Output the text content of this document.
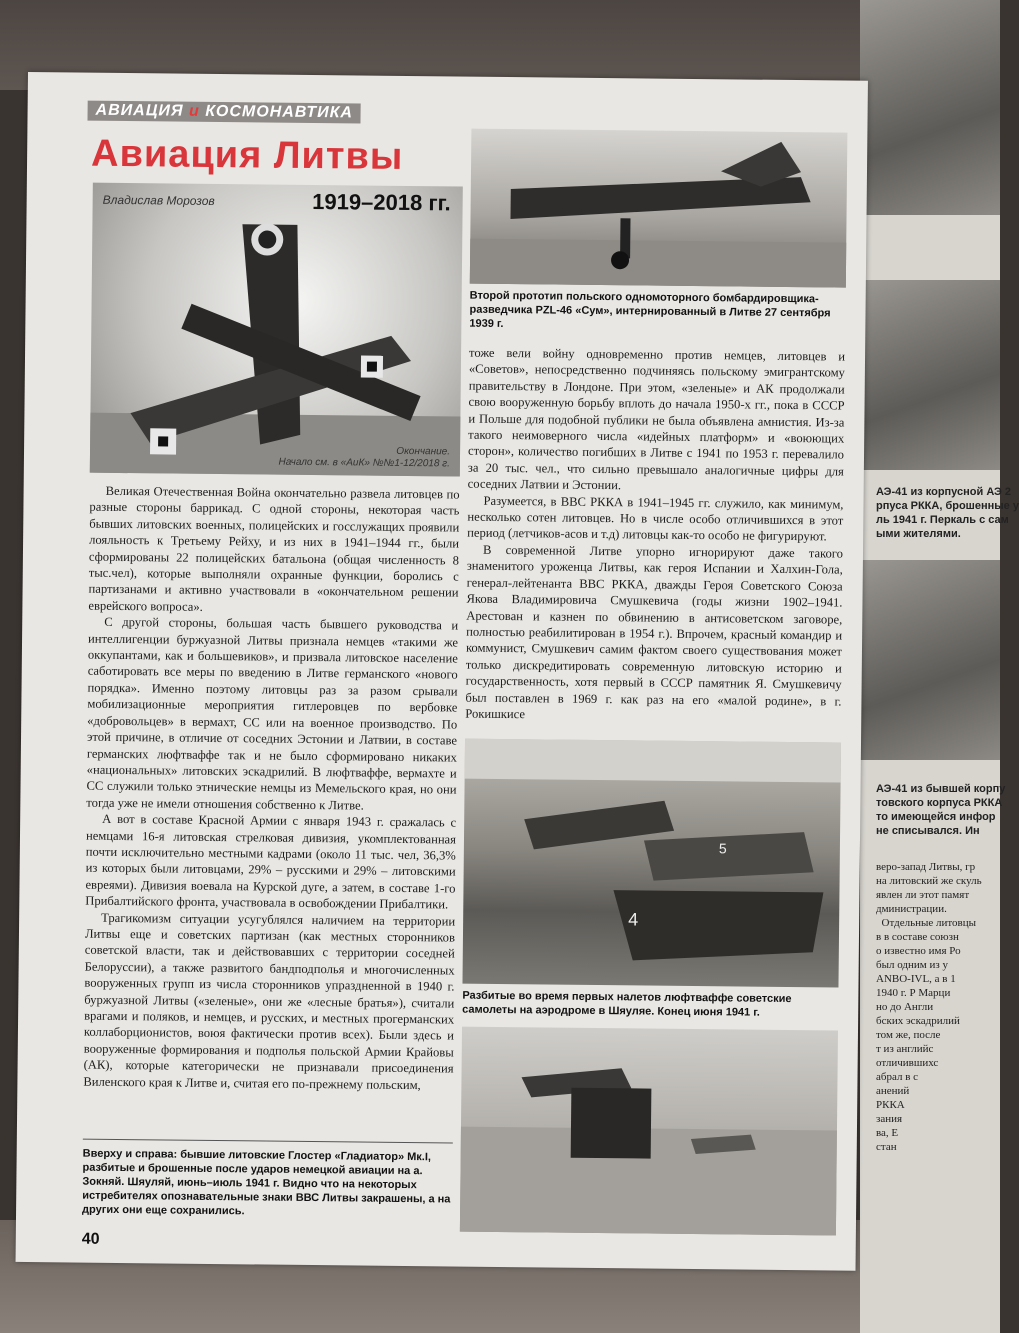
АЭ-41 из корпусной АЭ 2
рпуса РККА, брошенные у
ль 1941 г. Перкаль с сам
ыми жителями.
АЭ-41 из бывшей корпу
товского корпуса РККА
то имеющейся инфор
не списывался. Ин
веро-запад Литвы, гр
на литовский же скуль
явлен ли этот памят
дминистрации.
Отдельные литовцы
в в составе союзн
о известно имя Ро
был одним из у
ANBO-IVL, а в 1
1940 г. Р Марци
но до Англи
бских эскадрилий
том же, после
т из английс
отличившихс
абрал в с
анений
РККА
зания
ва, Е
стан
АВИАЦИЯ и КОСМОНАВТИКА
Авиация Литвы
Владислав Морозов	1919–2018 гг.
Окончание.
Начало см. в «АиК» №№1-12/2018 г.
Второй прототип польского одномоторного бомбардировщика-разведчика PZL-46 «Сум», интернированный в Литве 27 сентября 1939 г.

Великая Отечественная Война окончательно развела литовцев по разные стороны баррикад. С одной стороны, некоторая часть бывших литовских военных, полицейских и госслужащих проявили лояльность к Третьему Рейху, и из них в 1941–1944 гг., были сформированы 22 полицейских батальона (общая численность 8 тыс.чел), которые выполняли охранные функции, боролись с партизанами и активно участвовали в «окончательном решении еврейского вопроса».

С другой стороны, большая часть бывшего руководства и интеллигенции буржуазной Литвы признала немцев «такими же оккупантами, как и большевиков», и призвала литовское население саботировать все меры по введению в Литве германского «нового порядка». Именно поэтому литовцы раз за разом срывали мобилизационные мероприятия гитлеровцев по вербовке «добровольцев» в вермахт, СС или на военное производство. По этой причине, в отличие от соседних Эстонии и Латвии, в составе германских люфтваффе так и не было сформировано никаких «национальных» литовских эскадрилий. В люфтваффе, вермахте и СС служили только этнические немцы из Мемельского края, но они тогда уже не имели отношения собственно к Литве.

А вот в составе Красной Армии с января 1943 г. сражалась с немцами 16-я литовская стрелковая дивизия, укомплектованная почти исключительно местными кадрами (около 11 тыс. чел, 36,3% из которых были литовцами, 29% – русскими и 29% – литовскими евреями). Дивизия воевала на Курской дуге, а затем, в составе 1-го Прибалтийского фронта, участвовала в освобождении Прибалтики.

Трагикомизм ситуации усугублялся наличием на территории Литвы еще и советских партизан (как местных сторонников советской власти, так и действовавших с территории соседней Белоруссии), а также развитого бандподполья и многочисленных вооруженных групп из числа сторонников упраздненной в 1940 г. буржуазной Литвы («зеленые», они же «лесные братья»), считали врагами и поляков, и немцев, и русских, и местных прогерманских коллаборционистов, воюя фактически против всех). Были здесь и вооруженные формирования и подполья польской Армии Крайовы (АК), которые категорически не признавали присоединения Виленского края к Литве и, считая его по-прежнему польским,

тоже вели войну одновременно против немцев, литовцев и «Советов», непосредственно подчиняясь польскому эмигрантскому правительству в Лондоне. При этом, «зеленые» и АК продолжали свою вооруженную борьбу вплоть до начала 1950-х гг., пока в СССР и Польше для подобной публики не была объявлена амнистия. Из-за такого неимоверного числа «идейных платформ» и «воюющих сторон», количество погибших в Литве с 1941 по 1953 г. перевалило за 20 тыс. чел., что сильно превышало аналогичные цифры для соседних Латвии и Эстонии.

Разумеется, в ВВС РККА в 1941–1945 гг. служило, как минимум, несколько сотен литовцев. Но в числе особо отличившихся в этот период (летчиков-асов и т.д) литовцы как-то особо не фигурируют.

В современной Литве упорно игнорируют даже такого знаменитого уроженца Литвы, как героя Испании и Халхин-Гола, генерал-лейтенанта ВВС РККА, дважды Героя Советского Союза Якова Владимировича Смушкевича (годы жизни 1902–1941. Арестован и казнен по обвинению в антисоветском заговоре, полностью реабилитирован в 1954 г.). Впрочем, красный командир и коммунист, Смушкевич самим фактом своего существования может только дискредитировать современную литовскую историю и государственность, хотя первый в СССР памятник Я. Смушкевичу был поставлен в 1969 г. как раз на его «малой родине», в г. Рокишкисе

5
4
Разбитые во время первых налетов люфтваффе советские самолеты на аэродроме в Шяуляе. Конец июня 1941 г.
Вверху и справа: бывшие литовские Глостер «Гладиатор» Мк.I, разбитые и брошенные после ударов немецкой авиации на а. Зокняй. Шяуляй, июнь–июль 1941 г. Видно что на некоторых истребителях опознавательные знаки ВВС Литвы закрашены, а на других они еще сохранились.
40
